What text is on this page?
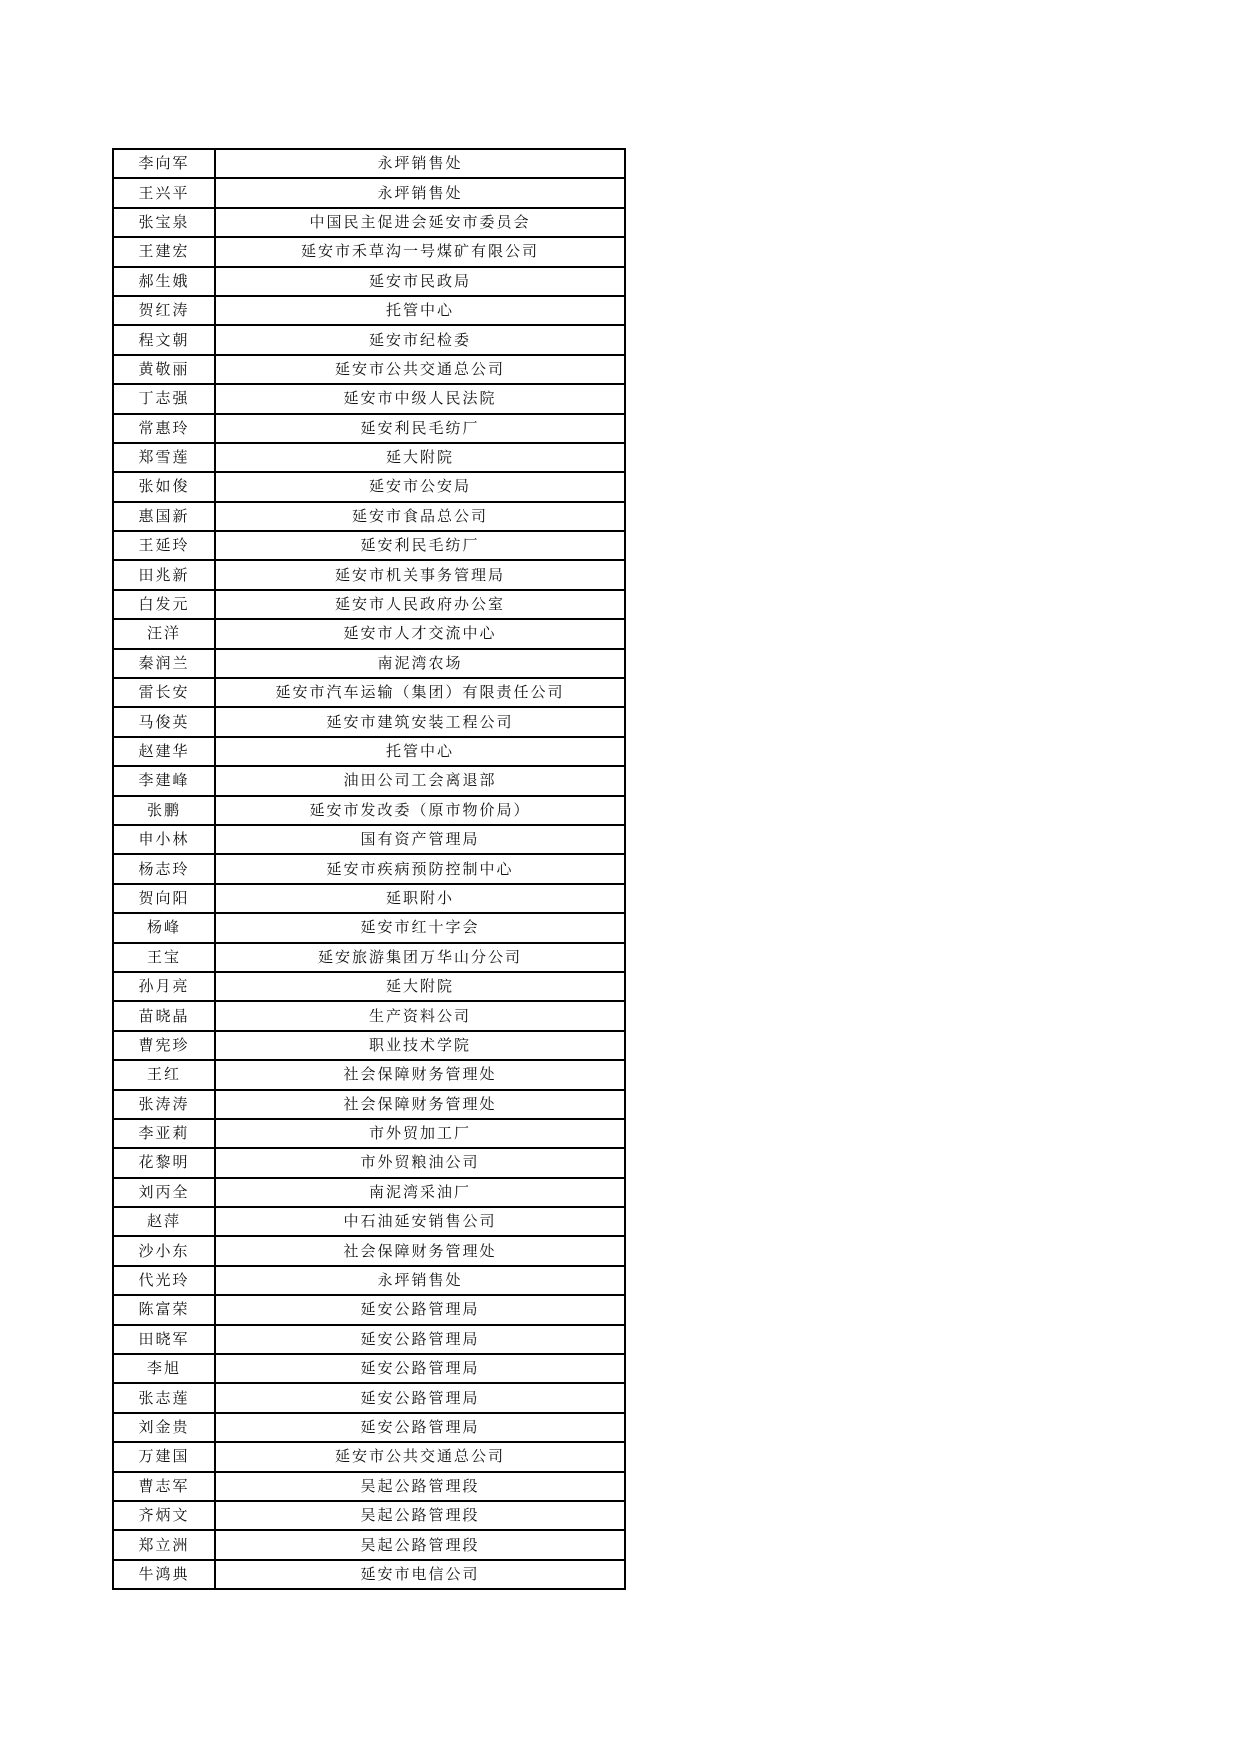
李向军	永坪销售处
王兴平	永坪销售处
张宝泉	中国民主促进会延安市委员会
王建宏	延安市禾草沟一号煤矿有限公司
郝生娥	延安市民政局
贺红涛	托管中心
程文朝	延安市纪检委
黄敬丽	延安市公共交通总公司
丁志强	延安市中级人民法院
常惠玲	延安利民毛纺厂
郑雪莲	延大附院
张如俊	延安市公安局
惠国新	延安市食品总公司
王延玲	延安利民毛纺厂
田兆新	延安市机关事务管理局
白发元	延安市人民政府办公室
汪洋	延安市人才交流中心
秦润兰	南泥湾农场
雷长安	延安市汽车运输（集团）有限责任公司
马俊英	延安市建筑安装工程公司
赵建华	托管中心
李建峰	油田公司工会离退部
张鹏	延安市发改委（原市物价局）
申小林	国有资产管理局
杨志玲	延安市疾病预防控制中心
贺向阳	延职附小
杨峰	延安市红十字会
王宝	延安旅游集团万华山分公司
孙月亮	延大附院
苗晓晶	生产资料公司
曹宪珍	职业技术学院
王红	社会保障财务管理处
张涛涛	社会保障财务管理处
李亚莉	市外贸加工厂
花黎明	市外贸粮油公司
刘丙全	南泥湾采油厂
赵萍	中石油延安销售公司
沙小东	社会保障财务管理处
代光玲	永坪销售处
陈富荣	延安公路管理局
田晓军	延安公路管理局
李旭	延安公路管理局
张志莲	延安公路管理局
刘金贵	延安公路管理局
万建国	延安市公共交通总公司
曹志军	吴起公路管理段
齐炳文	吴起公路管理段
郑立洲	吴起公路管理段
牛鸿典	延安市电信公司
